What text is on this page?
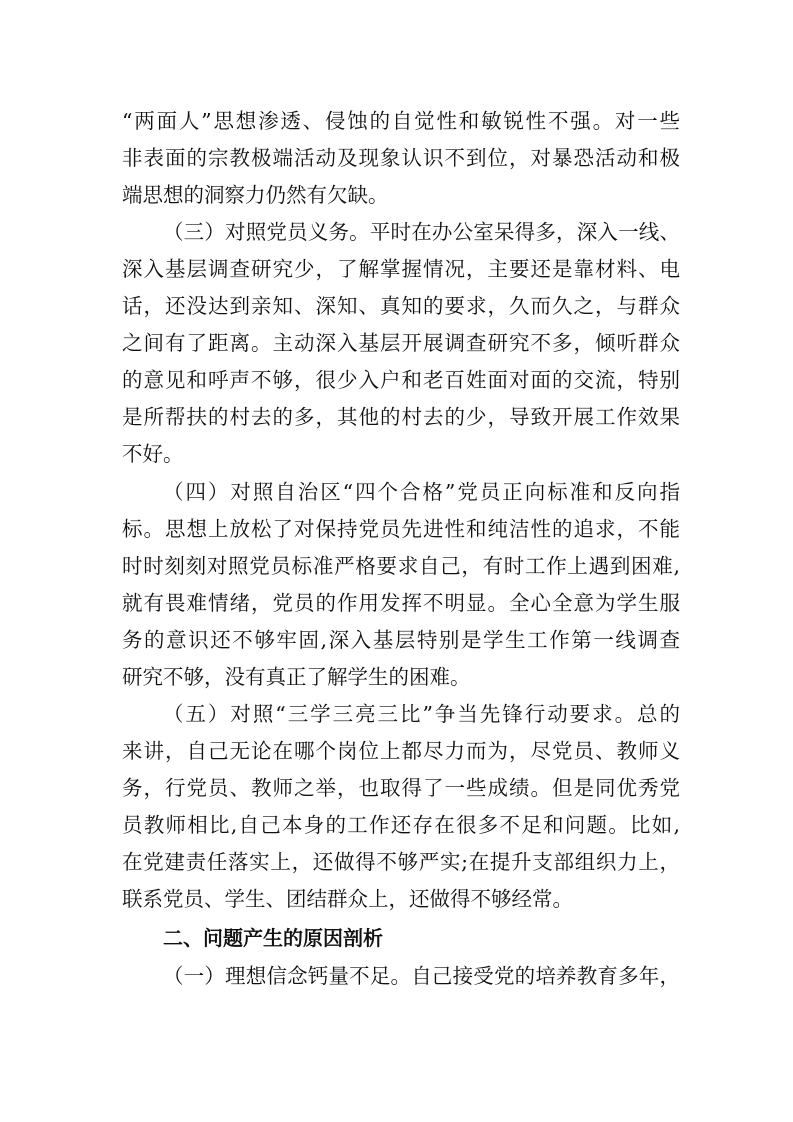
“两面人”思想渗透、侵蚀的自觉性和敏锐性不强。对一些
非表面的宗教极端活动及现象认识不到位，对暴恐活动和极
端思想的洞察力仍然有欠缺。
（三）对照党员义务。平时在办公室呆得多，深入一线、
深入基层调查研究少，了解掌握情况，主要还是靠材料、电
话，还没达到亲知、深知、真知的要求，久而久之，与群众
之间有了距离。主动深入基层开展调查研究不多，倾听群众
的意见和呼声不够，很少入户和老百姓面对面的交流，特别
是所帮扶的村去的多，其他的村去的少，导致开展工作效果
不好。
（四）对照自治区“四个合格”党员正向标准和反向指
标。思想上放松了对保持党员先进性和纯洁性的追求，不能
时时刻刻对照党员标准严格要求自己，有时工作上遇到困难,
就有畏难情绪，党员的作用发挥不明显。全心全意为学生服
务的意识还不够牢固,深入基层特别是学生工作第一线调查
研究不够，没有真正了解学生的困难。
（五）对照“三学三亮三比”争当先锋行动要求。总的
来讲，自己无论在哪个岗位上都尽力而为，尽党员、教师义
务，行党员、教师之举，也取得了一些成绩。但是同优秀党
员教师相比,自己本身的工作还存在很多不足和问题。比如,
在党建责任落实上，还做得不够严实;在提升支部组织力上，
联系党员、学生、团结群众上，还做得不够经常。
二、问题产生的原因剖析
（一）理想信念钙量不足。自己接受党的培养教育多年，
